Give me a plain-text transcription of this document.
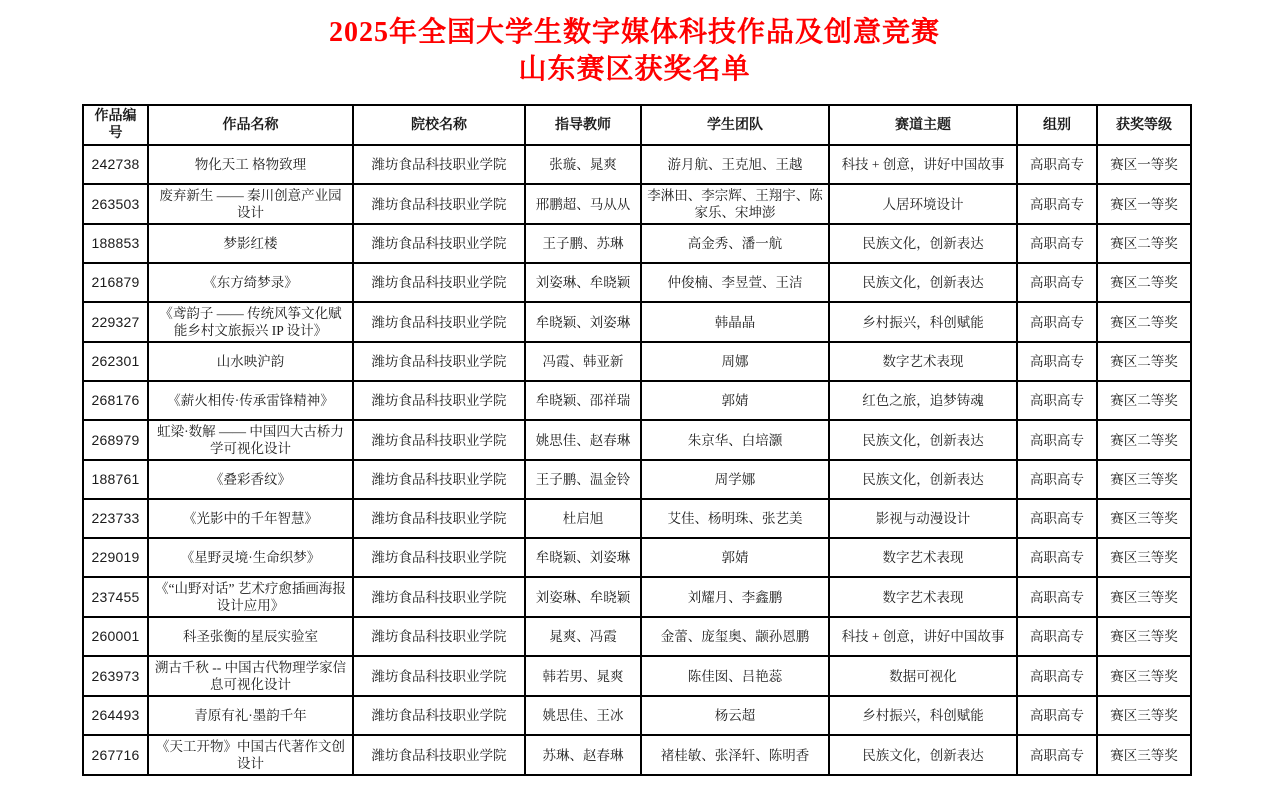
2025年全国大学生数字媒体科技作品及创意竞赛
山东赛区获奖名单
作品编号	作品名称	院校名称	指导教师	学生团队	赛道主题	组别	获奖等级
242738	物化天工 格物致理	潍坊食品科技职业学院	张璇、晁爽	游月航、王克旭、王越	科技 + 创意，讲好中国故事	高职高专	赛区一等奖
263503	废弃新生 —— 秦川创意产业园设计	潍坊食品科技职业学院	邢鹏超、马从从	李淋田、李宗辉、王翔宇、陈家乐、宋坤澎	人居环境设计	高职高专	赛区一等奖
188853	梦影红楼	潍坊食品科技职业学院	王子鹏、苏琳	高金秀、潘一航	民族文化，创新表达	高职高专	赛区二等奖
216879	《东方绮梦录》	潍坊食品科技职业学院	刘姿琳、牟晓颖	仲俊楠、李昱萱、王洁	民族文化，创新表达	高职高专	赛区二等奖
229327	《鸢韵子 —— 传统风筝文化赋能乡村文旅振兴 IP 设计》	潍坊食品科技职业学院	牟晓颖、刘姿琳	韩晶晶	乡村振兴，科创赋能	高职高专	赛区二等奖
262301	山水映沪韵	潍坊食品科技职业学院	冯霞、韩亚新	周娜	数字艺术表现	高职高专	赛区二等奖
268176	《薪火相传·传承雷锋精神》	潍坊食品科技职业学院	牟晓颖、邵祥瑞	郭婧	红色之旅，追梦铸魂	高职高专	赛区二等奖
268979	虹梁·数解 —— 中国四大古桥力学可视化设计	潍坊食品科技职业学院	姚思佳、赵春琳	朱京华、白培灏	民族文化，创新表达	高职高专	赛区二等奖
188761	《叠彩香纹》	潍坊食品科技职业学院	王子鹏、温金铃	周学娜	民族文化，创新表达	高职高专	赛区三等奖
223733	《光影中的千年智慧》	潍坊食品科技职业学院	杜启旭	艾佳、杨明珠、张艺美	影视与动漫设计	高职高专	赛区三等奖
229019	《星野灵境·生命织梦》	潍坊食品科技职业学院	牟晓颖、刘姿琳	郭婧	数字艺术表现	高职高专	赛区三等奖
237455	《“山野对话” 艺术疗愈插画海报设计应用》	潍坊食品科技职业学院	刘姿琳、牟晓颖	刘耀月、李鑫鹏	数字艺术表现	高职高专	赛区三等奖
260001	科圣张衡的星辰实验室	潍坊食品科技职业学院	晁爽、冯霞	金蕾、庞玺奥、颛孙恩鹏	科技 + 创意，讲好中国故事	高职高专	赛区三等奖
263973	溯古千秋 -- 中国古代物理学家信息可视化设计	潍坊食品科技职业学院	韩若男、晁爽	陈佳囡、吕艳蕊	数据可视化	高职高专	赛区三等奖
264493	青原有礼·墨韵千年	潍坊食品科技职业学院	姚思佳、王冰	杨云超	乡村振兴，科创赋能	高职高专	赛区三等奖
267716	《天工开物》中国古代著作文创设计	潍坊食品科技职业学院	苏琳、赵春琳	褚桂敏、张泽轩、陈明香	民族文化，创新表达	高职高专	赛区三等奖
